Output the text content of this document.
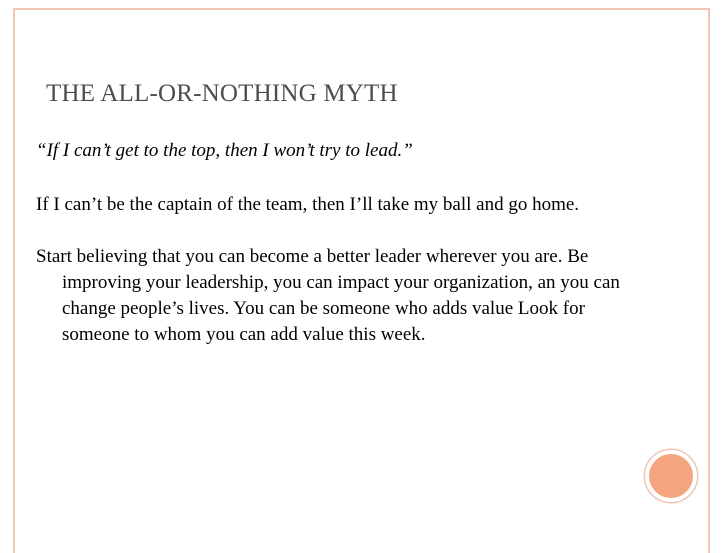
THE ALL-OR-NOTHING MYTH

“If I can’t get to the top, then I won’t try to lead.”

If I can’t be the captain of the team, then I’ll take my ball and go home.

Start believing that you can become a better leader wherever you are. Be improving your leadership, you can impact your organization, an you can change people’s lives. You can be someone who adds value Look for someone to whom you can add value this week.
